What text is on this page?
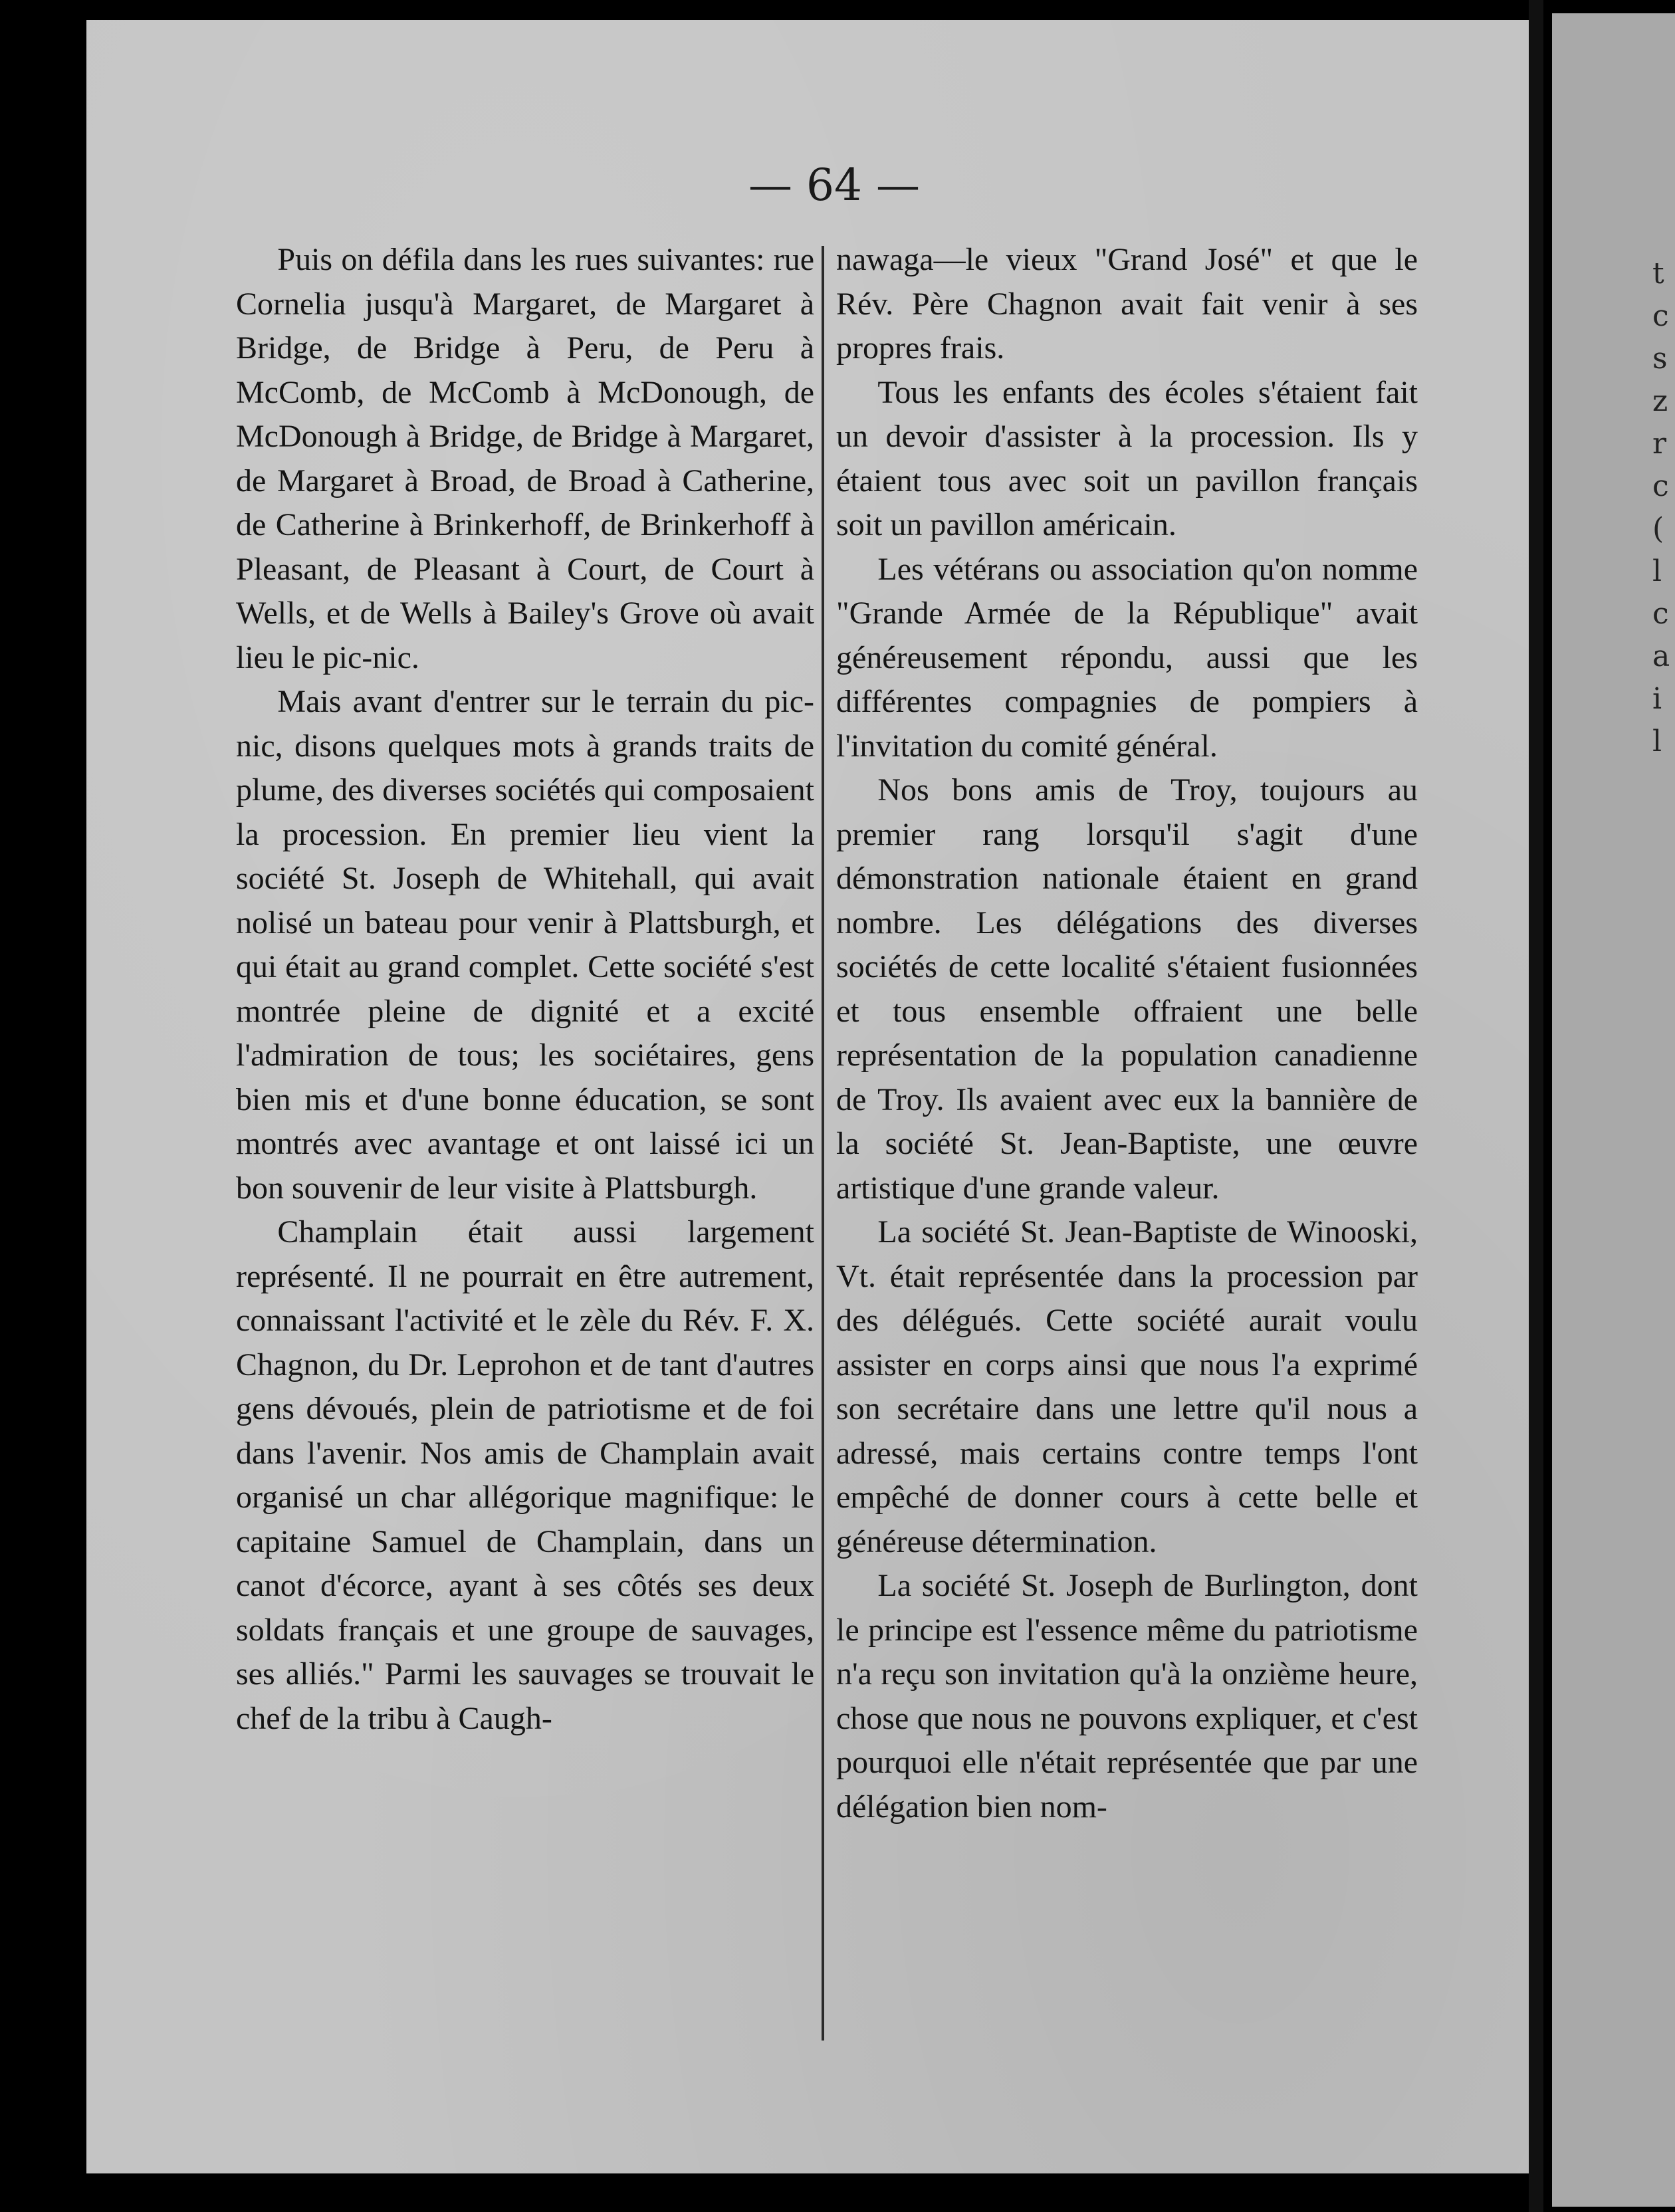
t
c
s
z
r
c
(
l
c
a
i
l
— 64 —

Puis on défila dans les rues suivantes: rue Cornelia jusqu'à Margaret, de Margaret à Bridge, de Bridge à Peru, de Peru à McComb, de McComb à McDonough, de McDonough à Bridge, de Bridge à Margaret, de Margaret à Broad, de Broad à Catherine, de Catherine à Brinkerhoff, de Brinkerhoff à Pleasant, de Pleasant à Court, de Court à Wells, et de Wells à Bailey's Grove où avait lieu le pic-nic.

Mais avant d'entrer sur le terrain du pic-nic, disons quelques mots à grands traits de plume, des diverses sociétés qui composaient la procession. En premier lieu vient la société St. Joseph de Whitehall, qui avait nolisé un bateau pour venir à Plattsburgh, et qui était au grand complet. Cette société s'est montrée pleine de dignité et a excité l'admiration de tous; les sociétaires, gens bien mis et d'une bonne éducation, se sont montrés avec avantage et ont laissé ici un bon souvenir de leur visite à Plattsburgh.

Champlain était aussi largement représenté. Il ne pourrait en être autrement, connaissant l'activité et le zèle du Rév. F. X. Chagnon, du Dr. Leprohon et de tant d'autres gens dévoués, plein de patriotisme et de foi dans l'avenir. Nos amis de Champlain avait organisé un char allégorique magnifique: le capitaine Samuel de Champlain, dans un canot d'écorce, ayant à ses côtés ses deux soldats français et une groupe de sauvages, ses alliés." Parmi les sauvages se trouvait le chef de la tribu à Caugh-

nawaga—le vieux "Grand José" et que le Rév. Père Chagnon avait fait venir à ses propres frais.

Tous les enfants des écoles s'étaient fait un devoir d'assister à la procession. Ils y étaient tous avec soit un pavillon français soit un pavillon américain.

Les vétérans ou association qu'on nomme "Grande Armée de la République" avait généreusement répondu, aussi que les différentes compagnies de pompiers à l'invitation du comité général.

Nos bons amis de Troy, toujours au premier rang lorsqu'il s'agit d'une démonstration nationale étaient en grand nombre. Les délégations des diverses sociétés de cette localité s'étaient fusionnées et tous ensemble offraient une belle représentation de la population canadienne de Troy. Ils avaient avec eux la bannière de la société St. Jean-Baptiste, une œuvre artistique d'une grande valeur.

La société St. Jean-Baptiste de Winooski, Vt. était représentée dans la procession par des délégués. Cette société aurait voulu assister en corps ainsi que nous l'a exprimé son secrétaire dans une lettre qu'il nous a adressé, mais certains contre temps l'ont empêché de donner cours à cette belle et généreuse détermination.

La société St. Joseph de Burlington, dont le principe est l'essence même du patriotisme n'a reçu son invitation qu'à la onzième heure, chose que nous ne pouvons expliquer, et c'est pourquoi elle n'était représentée que par une délégation bien nom-
